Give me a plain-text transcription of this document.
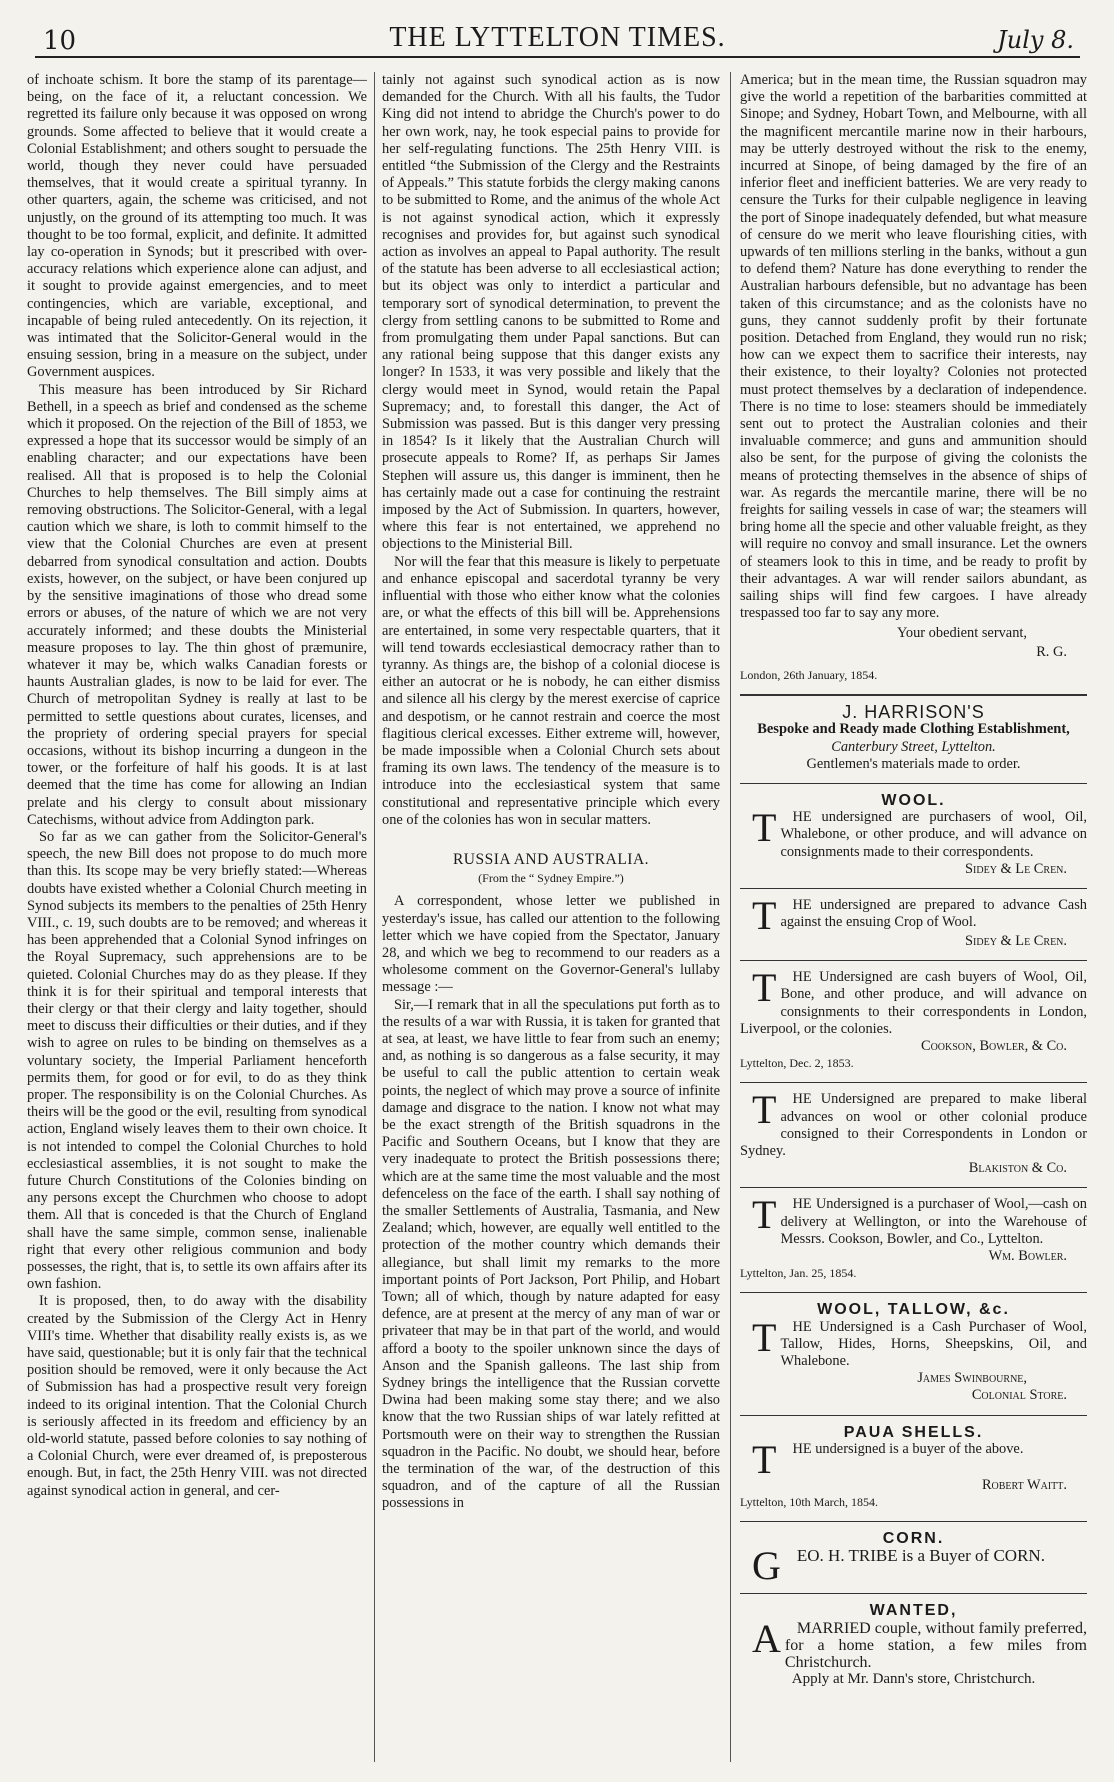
10	THE LYTTELTON TIMES.	July 8.

of inchoate schism. It bore the stamp of its parentage—being, on the face of it, a reluctant concession. We regretted its failure only because it was opposed on wrong grounds. Some affected to believe that it would create a Colonial Establishment; and others sought to persuade the world, though they never could have persuaded themselves, that it would create a spiritual tyranny. In other quarters, again, the scheme was criticised, and not unjustly, on the ground of its attempting too much. It was thought to be too formal, explicit, and definite. It admitted lay co-operation in Synods; but it prescribed with over-accuracy relations which experience alone can adjust, and it sought to provide against emergencies, and to meet contingencies, which are variable, exceptional, and incapable of being ruled antecedently. On its rejection, it was intimated that the Solicitor-General would in the ensuing session, bring in a measure on the subject, under Government auspices.

This measure has been introduced by Sir Richard Bethell, in a speech as brief and condensed as the scheme which it proposed. On the rejection of the Bill of 1853, we expressed a hope that its successor would be simply of an enabling character; and our expectations have been realised. All that is proposed is to help the Colonial Churches to help themselves. The Bill simply aims at removing obstructions. The Solicitor-General, with a legal caution which we share, is loth to commit himself to the view that the Colonial Churches are even at present debarred from synodical consultation and action. Doubts exists, however, on the subject, or have been conjured up by the sensitive imaginations of those who dread some errors or abuses, of the nature of which we are not very accurately informed; and these doubts the Ministerial measure proposes to lay. The thin ghost of præmunire, whatever it may be, which walks Canadian forests or haunts Australian glades, is now to be laid for ever. The Church of metropolitan Sydney is really at last to be permitted to settle questions about curates, licenses, and the propriety of ordering special prayers for special occasions, without its bishop incurring a dungeon in the tower, or the forfeiture of half his goods. It is at last deemed that the time has come for allowing an Indian prelate and his clergy to consult about missionary Catechisms, without advice from Addington park.

So far as we can gather from the Solicitor-General's speech, the new Bill does not propose to do much more than this. Its scope may be very briefly stated:—Whereas doubts have existed whether a Colonial Church meeting in Synod subjects its members to the penalties of 25th Henry VIII., c. 19, such doubts are to be removed; and whereas it has been apprehended that a Colonial Synod infringes on the Royal Supremacy, such apprehensions are to be quieted. Colonial Churches may do as they please. If they think it is for their spiritual and temporal interests that their clergy or that their clergy and laity together, should meet to discuss their difficulties or their duties, and if they wish to agree on rules to be binding on themselves as a voluntary society, the Imperial Parliament henceforth permits them, for good or for evil, to do as they think proper. The responsibility is on the Colonial Churches. As theirs will be the good or the evil, resulting from synodical action, England wisely leaves them to their own choice. It is not intended to compel the Colonial Churches to hold ecclesiastical assemblies, it is not sought to make the future Church Constitutions of the Colonies binding on any persons except the Churchmen who choose to adopt them. All that is conceded is that the Church of England shall have the same simple, common sense, inalienable right that every other religious communion and body possesses, the right, that is, to settle its own affairs after its own fashion.

It is proposed, then, to do away with the disability created by the Submission of the Clergy Act in Henry VIII's time. Whether that disability really exists is, as we have said, questionable; but it is only fair that the technical position should be removed, were it only because the Act of Submission has had a prospective result very foreign indeed to its original intention. That the Colonial Church is seriously affected in its freedom and efficiency by an old-world statute, passed before colonies to say nothing of a Colonial Church, were ever dreamed of, is preposterous enough. But, in fact, the 25th Henry VIII. was not directed against synodical action in general, and cer-

tainly not against such synodical action as is now demanded for the Church. With all his faults, the Tudor King did not intend to abridge the Church's power to do her own work, nay, he took especial pains to provide for her self-regulating functions. The 25th Henry VIII. is entitled “the Submission of the Clergy and the Restraints of Appeals.” This statute forbids the clergy making canons to be submitted to Rome, and the animus of the whole Act is not against synodical action, which it expressly recognises and provides for, but against such synodical action as involves an appeal to Papal authority. The result of the statute has been adverse to all ecclesiastical action; but its object was only to interdict a particular and temporary sort of synodical determination, to prevent the clergy from settling canons to be submitted to Rome and from promulgating them under Papal sanctions. But can any rational being suppose that this danger exists any longer? In 1533, it was very possible and likely that the clergy would meet in Synod, would retain the Papal Supremacy; and, to forestall this danger, the Act of Submission was passed. But is this danger very pressing in 1854? Is it likely that the Australian Church will prosecute appeals to Rome? If, as perhaps Sir James Stephen will assure us, this danger is imminent, then he has certainly made out a case for continuing the restraint imposed by the Act of Submission. In quarters, however, where this fear is not entertained, we apprehend no objections to the Ministerial Bill.

Nor will the fear that this measure is likely to perpetuate and enhance episcopal and sacerdotal tyranny be very influential with those who either know what the colonies are, or what the effects of this bill will be. Apprehensions are entertained, in some very respectable quarters, that it will tend towards ecclesiastical democracy rather than to tyranny. As things are, the bishop of a colonial diocese is either an autocrat or he is nobody, he can either dismiss and silence all his clergy by the merest exercise of caprice and despotism, or he cannot restrain and coerce the most flagitious clerical excesses. Either extreme will, however, be made impossible when a Colonial Church sets about framing its own laws. The tendency of the measure is to introduce into the ecclesiastical system that same constitutional and representative principle which every one of the colonies has won in secular matters.

RUSSIA AND AUSTRALIA.
(From the “ Sydney Empire.”)

A correspondent, whose letter we published in yesterday's issue, has called our attention to the following letter which we have copied from the Spectator, January 28, and which we beg to recommend to our readers as a wholesome comment on the Governor-General's lullaby message :—

Sir,—I remark that in all the speculations put forth as to the results of a war with Russia, it is taken for granted that at sea, at least, we have little to fear from such an enemy; and, as nothing is so dangerous as a false security, it may be useful to call the public attention to certain weak points, the neglect of which may prove a source of infinite damage and disgrace to the nation. I know not what may be the exact strength of the British squadrons in the Pacific and Southern Oceans, but I know that they are very inadequate to protect the British possessions there; which are at the same time the most valuable and the most defenceless on the face of the earth. I shall say nothing of the smaller Settlements of Australia, Tasmania, and New Zealand; which, however, are equally well entitled to the protection of the mother country which demands their allegiance, but shall limit my remarks to the more important points of Port Jackson, Port Philip, and Hobart Town; all of which, though by nature adapted for easy defence, are at present at the mercy of any man of war or privateer that may be in that part of the world, and would afford a booty to the spoiler unknown since the days of Anson and the Spanish galleons. The last ship from Sydney brings the intelligence that the Russian corvette Dwina had been making some stay there; and we also know that the two Russian ships of war lately refitted at Portsmouth were on their way to strengthen the Russian squadron in the Pacific. No doubt, we should hear, before the termination of the war, of the destruction of this squadron, and of the capture of all the Russian possessions in

America; but in the mean time, the Russian squadron may give the world a repetition of the barbarities committed at Sinope; and Sydney, Hobart Town, and Melbourne, with all the magnificent mercantile marine now in their harbours, may be utterly destroyed without the risk to the enemy, incurred at Sinope, of being damaged by the fire of an inferior fleet and inefficient batteries. We are very ready to censure the Turks for their culpable negligence in leaving the port of Sinope inadequately defended, but what measure of censure do we merit who leave flourishing cities, with upwards of ten millions sterling in the banks, without a gun to defend them? Nature has done everything to render the Australian harbours defensible, but no advantage has been taken of this circumstance; and as the colonists have no guns, they cannot suddenly profit by their fortunate position. Detached from England, they would run no risk; how can we expect them to sacrifice their interests, nay their existence, to their loyalty? Colonies not protected must protect themselves by a declaration of independence. There is no time to lose: steamers should be immediately sent out to protect the Australian colonies and their invaluable commerce; and guns and ammunition should also be sent, for the purpose of giving the colonists the means of protecting themselves in the absence of ships of war. As regards the mercantile marine, there will be no freights for sailing vessels in case of war; the steamers will bring home all the specie and other valuable freight, as they will require no convoy and small insurance. Let the owners of steamers look to this in time, and be ready to profit by their advantages. A war will render sailors abundant, as sailing ships will find few cargoes. I have already trespassed too far to say any more.

Your obedient servant,
R. G.
London, 26th January, 1854.
J. HARRISON'S
Bespoke and Ready made Clothing Establishment,
Canterbury Street, Lyttelton.
Gentlemen's materials made to order.
WOOL.

T HE undersigned are purchasers of wool, Oil, Whalebone, or other produce, and will advance on consignments made to their correspondents.

Sidey & Le Cren.

T HE undersigned are prepared to advance Cash against the ensuing Crop of Wool.

Sidey & Le Cren.

T HE Undersigned are cash buyers of Wool, Oil, Bone, and other produce, and will advance on consignments to their correspondents in London, Liverpool, or the colonies.

Cookson, Bowler, & Co.
Lyttelton, Dec. 2, 1853.

T HE Undersigned are prepared to make liberal advances on wool or other colonial produce consigned to their Correspondents in London or Sydney.

Blakiston & Co.

T HE Undersigned is a purchaser of Wool,—cash on delivery at Wellington, or into the Warehouse of Messrs. Cookson, Bowler, and Co., Lyttelton.

Wm. Bowler.
Lyttelton, Jan. 25, 1854.
WOOL, TALLOW, &c.

T HE Undersigned is a Cash Purchaser of Wool, Tallow, Hides, Horns, Sheepskins, Oil, and Whalebone.

James Swinbourne,
Colonial Store.
PAUA SHELLS.

T HE undersigned is a buyer of the above.

Robert Waitt.
Lyttelton, 10th March, 1854.
CORN.

GEO. H. TRIBE is a Buyer of CORN.

WANTED,

A MARRIED couple, without family preferred, for a home station, a few miles from Christchurch.

Apply at Mr. Dann's store, Christchurch.
